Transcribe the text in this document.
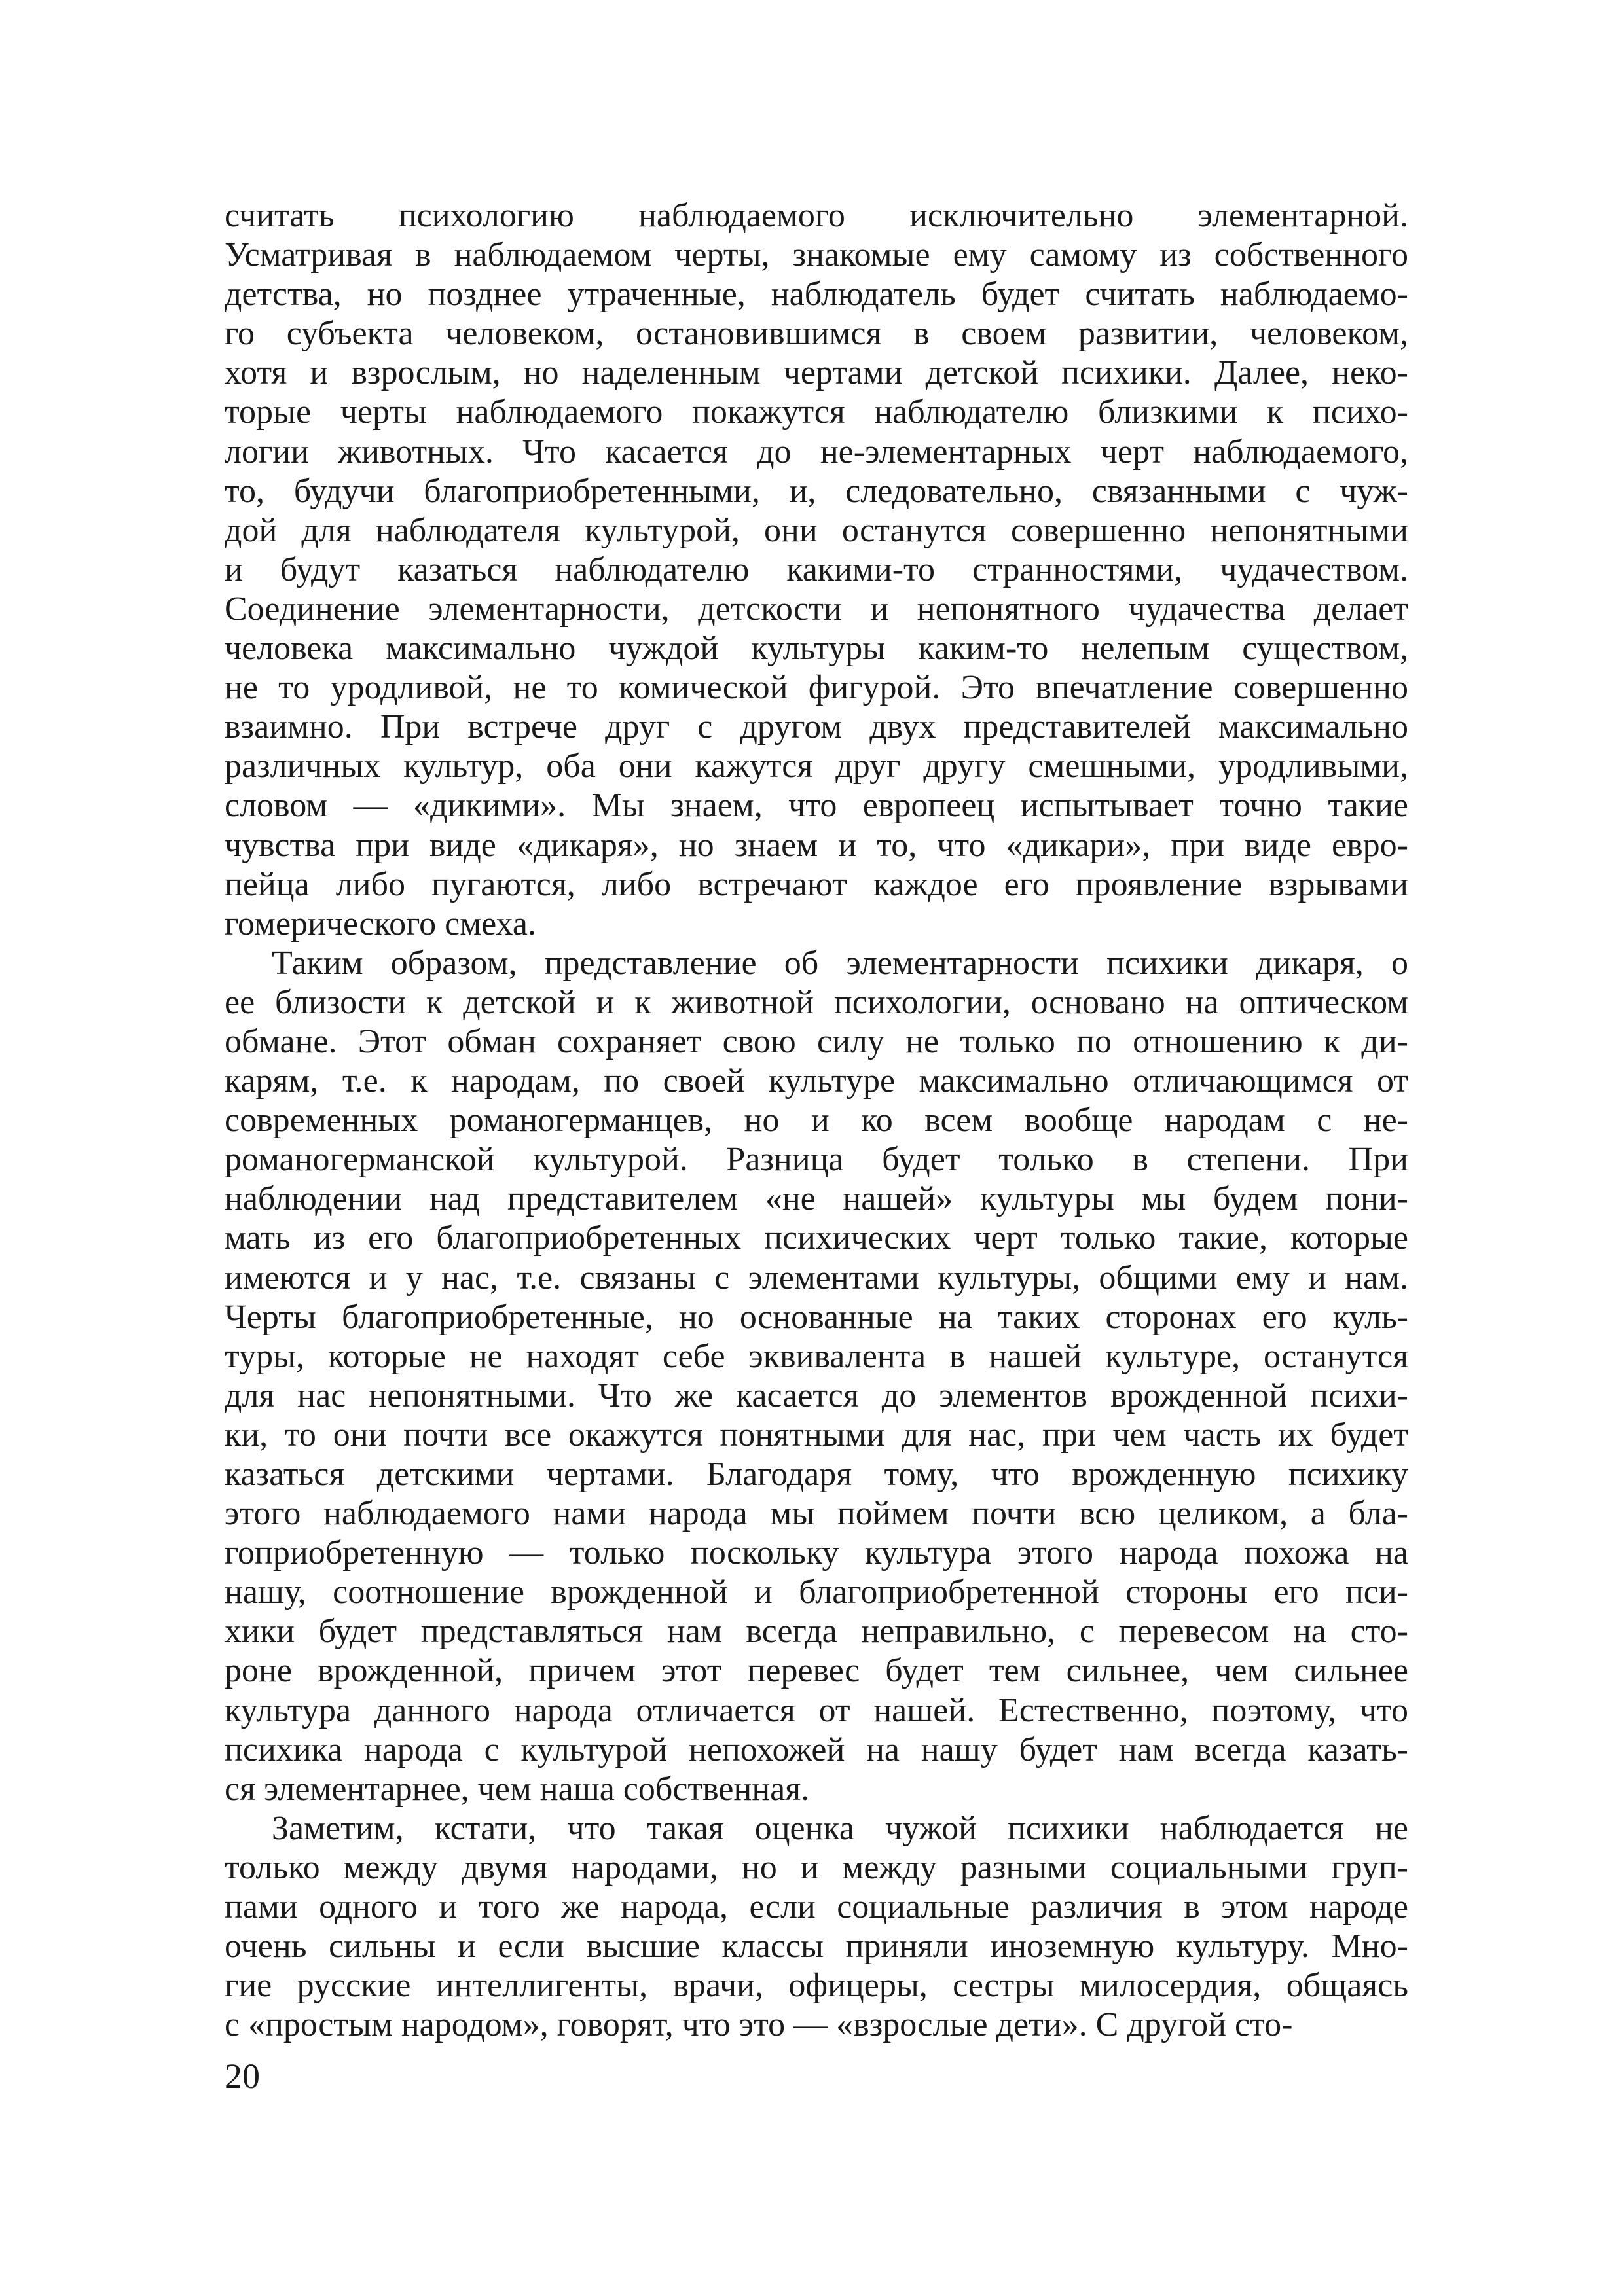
считать психологию наблюдаемого исключительно элементарной.
Усматривая в наблюдаемом черты, знакомые ему самому из собственного
детства, но позднее утраченные, наблюдатель будет считать наблюдаемо-
го субъекта человеком, остановившимся в своем развитии, человеком,
хотя и взрослым, но наделенным чертами детской психики. Далее, неко-
торые черты наблюдаемого покажутся наблюдателю близкими к психо-
логии животных. Что касается до не-элементарных черт наблюдаемого,
то, будучи благоприобретенными, и, следовательно, связанными с чуж-
дой для наблюдателя культурой, они останутся совершенно непонятными
и будут казаться наблюдателю какими-то странностями, чудачеством.
Соединение элементарности, детскости и непонятного чудачества делает
человека максимально чуждой культуры каким-то нелепым существом,
не то уродливой, не то комической фигурой. Это впечатление совершенно
взаимно. При встрече друг с другом двух представителей максимально
различных культур, оба они кажутся друг другу смешными, уродливыми,
словом — «дикими». Мы знаем, что европеец испытывает точно такие
чувства при виде «дикаря», но знаем и то, что «дикари», при виде евро-
пейца либо пугаются, либо встречают каждое его проявление взрывами
гомерического смеха.
Таким образом, представление об элементарности психики дикаря, о
ее близости к детской и к животной психологии, основано на оптическом
обмане. Этот обман сохраняет свою силу не только по отношению к ди-
карям, т.е. к народам, по своей культуре максимально отличающимся от
современных романогерманцев, но и ко всем вообще народам с не-
романогерманской культурой. Разница будет только в степени. При
наблюдении над представителем «не нашей» культуры мы будем пони-
мать из его благоприобретенных психических черт только такие, которые
имеются и у нас, т.е. связаны с элементами культуры, общими ему и нам.
Черты благоприобретенные, но основанные на таких сторонах его куль-
туры, которые не находят себе эквивалента в нашей культуре, останутся
для нас непонятными. Что же касается до элементов врожденной психи-
ки, то они почти все окажутся понятными для нас, при чем часть их будет
казаться детскими чертами. Благодаря тому, что врожденную психику
этого наблюдаемого нами народа мы поймем почти всю целиком, а бла-
гоприобретенную — только поскольку культура этого народа похожа на
нашу, соотношение врожденной и благоприобретенной стороны его пси-
хики будет представляться нам всегда неправильно, с перевесом на сто-
роне врожденной, причем этот перевес будет тем сильнее, чем сильнее
культура данного народа отличается от нашей. Естественно, поэтому, что
психика народа с культурой непохожей на нашу будет нам всегда казать-
ся элементарнее, чем наша собственная.
Заметим, кстати, что такая оценка чужой психики наблюдается не
только между двумя народами, но и между разными социальными груп-
пами одного и того же народа, если социальные различия в этом народе
очень сильны и если высшие классы приняли иноземную культуру. Мно-
гие русские интеллигенты, врачи, офицеры, сестры милосердия, общаясь
с «простым народом», говорят, что это — «взрослые дети». С другой сто-
20
